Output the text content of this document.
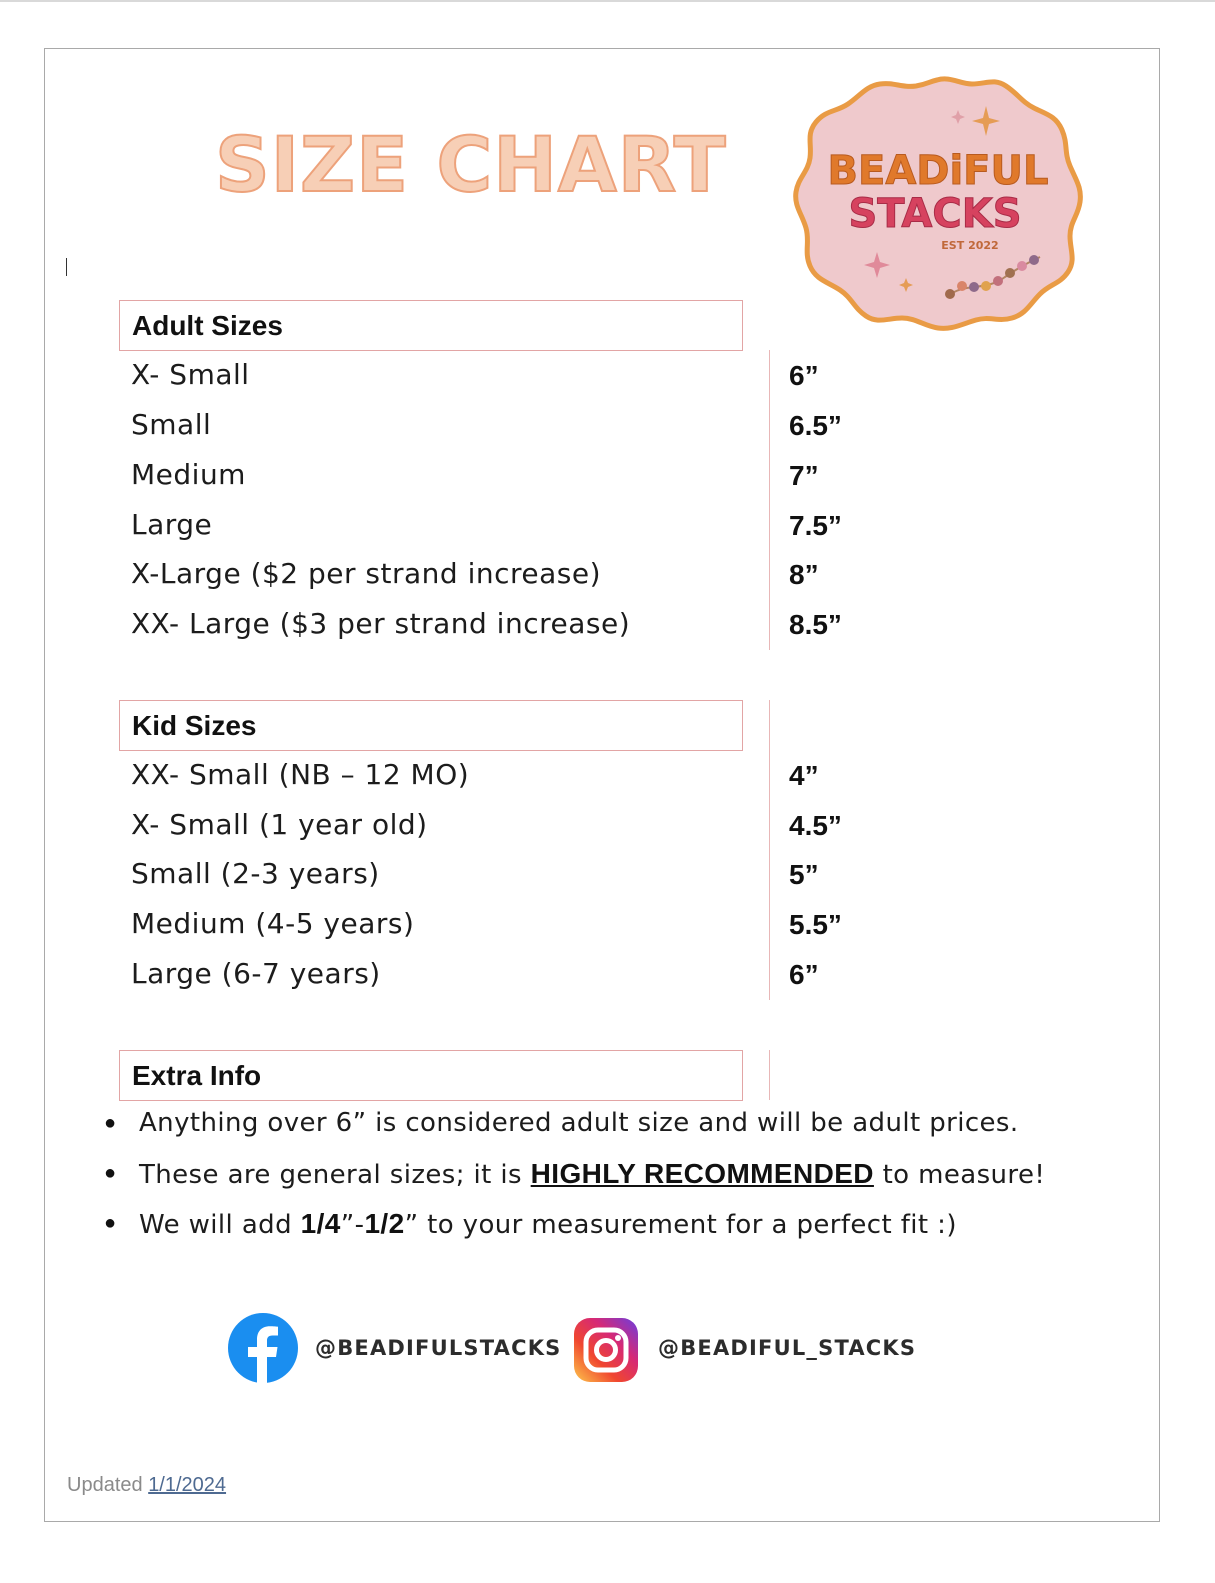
SIZE CHART	BEADiFUL
STACKS
EST 2022
Adult Sizes
X- Small	6”
Small	6.5”
Medium	7”
Large	7.5”
X-Large ($2 per strand increase)	8”
XX- Large ($3 per strand increase)	8.5”
Kid Sizes
XX- Small (NB – 12 MO)	4”
X- Small (1 year old)	4.5”
Small (2-3 years)	5”
Medium (4-5 years)	5.5”
Large (6-7 years)	6”
Extra Info
● Anything over 6” is considered adult size and will be adult prices.
● These are general sizes; it is HIGHLY RECOMMENDED to measure!
● We will add 1/4”-1/2” to your measurement for a perfect fit :)
@BEADIFULSTACKS	@BEADIFUL_STACKS
Updated 1/1/2024
